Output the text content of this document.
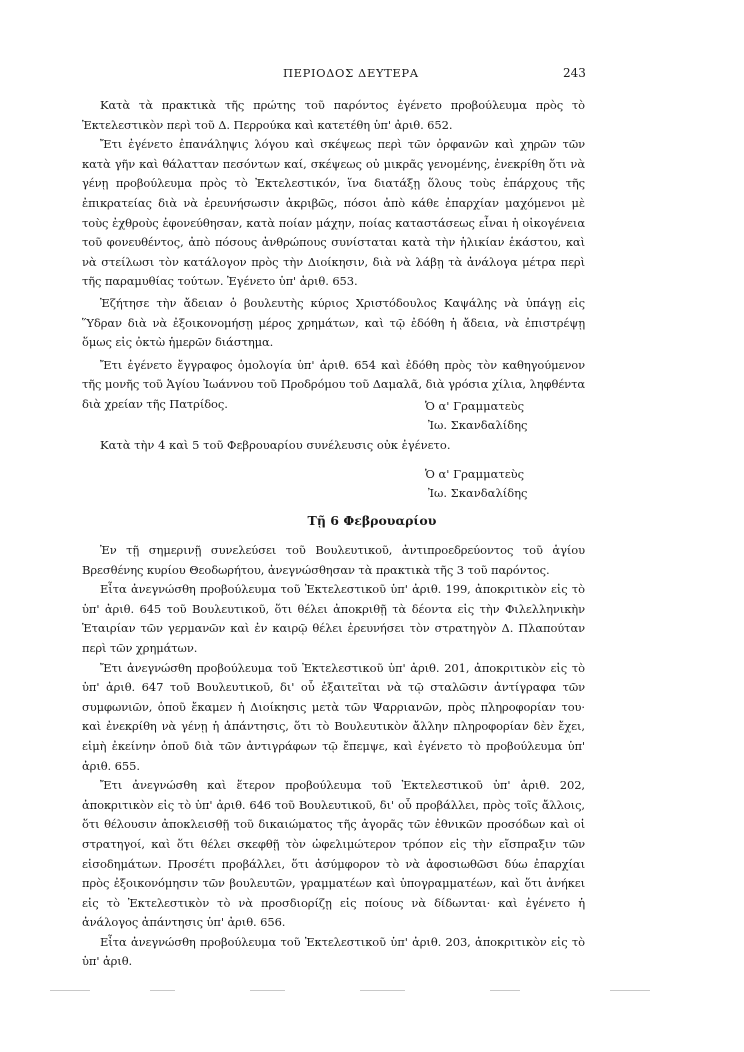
ΠΕΡΙΟΔΟΣ ΔΕΥΤΕΡΑ	243

Κατὰ τὰ πρακτικὰ τῆς πρώτης τοῦ παρόντος ἐγένετο προβούλευμα πρὸς τὸ Ἐκτελεστικὸν περὶ τοῦ Δ. Περρούκα καὶ κατετέθη ὑπ' ἀριθ. 652.

Ἔτι ἐγένετο ἐπανάληψις λόγου καὶ σκέψεως περὶ τῶν ὀρφανῶν καὶ χηρῶν τῶν κατὰ γῆν καὶ θάλατταν πεσόντων καί, σκέψεως οὐ μικρᾶς γενομένης, ἐνεκρίθη ὅτι νὰ γένῃ προβούλευμα πρὸς τὸ Ἐκτελεστικόν, ἵνα διατάξῃ ὅλους τοὺς ἐπάρχους τῆς ἐπικρατείας διὰ νὰ ἐρευνήσωσιν ἀκριβῶς, πόσοι ἀπὸ κάθε ἐπαρχίαν μαχόμενοι μὲ τοὺς ἐχθροὺς ἐφονεύθησαν, κατὰ ποίαν μάχην, ποίας καταστάσεως εἶναι ἡ οἰκογένεια τοῦ φονευθέντος, ἀπὸ πόσους ἀνθρώπους συνίσταται κατὰ τὴν ἡλικίαν ἑκάστου, καὶ νὰ στείλωσι τὸν κατάλογον πρὸς τὴν Διοίκησιν, διὰ νὰ λάβῃ τὰ ἀνάλογα μέτρα περὶ τῆς παραμυθίας τούτων. Ἐγένετο ὑπ' ἀριθ. 653.

Ἐζήτησε τὴν ἄδειαν ὁ βουλευτὴς κύριος Χριστόδουλος Καψάλης νὰ ὑπάγῃ εἰς Ὕδραν διὰ νὰ ἐξοικονομήσῃ μέρος χρημάτων, καὶ τῷ ἐδόθη ἡ ἄδεια, νὰ ἐπιστρέψῃ ὅμως εἰς ὀκτὼ ἡμερῶν διάστημα.

Ἔτι ἐγένετο ἔγγραφος ὁμολογία ὑπ' ἀριθ. 654 καὶ ἐδόθη πρὸς τὸν καθηγούμενον τῆς μονῆς τοῦ Ἁγίου Ἰωάννου τοῦ Προδρόμου τοῦ Δαμαλᾶ, διὰ γρόσια χίλια, ληφθέντα διὰ χρείαν τῆς Πατρίδος.	Ὁ α' Γραμματεὺς
Ἰω. Σκανδαλίδης
Κατὰ τὴν 4 καὶ 5 τοῦ Φεβρουαρίου συνέλευσις οὐκ ἐγένετο.
Ὁ α' Γραμματεὺς
Ἰω. Σκανδαλίδης
Τῇ 6 Φεβρουαρίου

Ἐν τῇ σημερινῇ συνελεύσει τοῦ Βουλευτικοῦ, ἀντιπροεδρεύοντος τοῦ ἁγίου Βρεσθένης κυρίου Θεοδωρήτου, ἀνεγνώσθησαν τὰ πρακτικὰ τῆς 3 τοῦ παρόντος.

Εἶτα ἀνεγνώσθη προβούλευμα τοῦ Ἐκτελεστικοῦ ὑπ' ἀριθ. 199, ἀποκριτικὸν εἰς τὸ ὑπ' ἀριθ. 645 τοῦ Βουλευτικοῦ, ὅτι θέλει ἀποκριθῇ τὰ δέοντα εἰς τὴν Φιλελληνικὴν Ἑταιρίαν τῶν γερμανῶν καὶ ἐν καιρῷ θέλει ἐρευνήσει τὸν στρατηγὸν Δ. Πλαπούταν περὶ τῶν χρημάτων.

Ἔτι ἀνεγνώσθη προβούλευμα τοῦ Ἐκτελεστικοῦ ὑπ' ἀριθ. 201, ἀποκριτικὸν εἰς τὸ ὑπ' ἀριθ. 647 τοῦ Βουλευτικοῦ, δι' οὗ ἐξαιτεῖται νὰ τῷ σταλῶσιν ἀντίγραφα τῶν συμφωνιῶν, ὁποῦ ἔκαμεν ἡ Διοίκησις μετὰ τῶν Ψαρριανῶν, πρὸς πληροφορίαν του· καὶ ἐνεκρίθη νὰ γένῃ ἡ ἀπάντησις, ὅτι τὸ Βουλευτικὸν ἄλλην πληροφορίαν δὲν ἔχει, εἰμὴ ἐκείνην ὁποῦ διὰ τῶν ἀντιγράφων τῷ ἔπεμψε, καὶ ἐγένετο τὸ προβούλευμα ὑπ' ἀριθ. 655.

Ἔτι ἀνεγνώσθη καὶ ἕτερον προβούλευμα τοῦ Ἐκτελεστικοῦ ὑπ' ἀριθ. 202, ἀποκριτικὸν εἰς τὸ ὑπ' ἀριθ. 646 τοῦ Βουλευτικοῦ, δι' οὗ προβάλλει, πρὸς τοῖς ἄλλοις, ὅτι θέλουσιν ἀποκλεισθῇ τοῦ δικαιώματος τῆς ἀγορᾶς τῶν ἐθνικῶν προσόδων καὶ οἱ στρατηγοί, καὶ ὅτι θέλει σκεφθῇ τὸν ὠφελιμώτερον τρόπον εἰς τὴν εἴσπραξιν τῶν εἰσοδημάτων. Προσέτι προβάλλει, ὅτι ἀσύμφορον τὸ νὰ ἀφοσιωθῶσι δύω ἐπαρχίαι πρὸς ἐξοικονόμησιν τῶν βουλευτῶν, γραμματέων καὶ ὑπογραμματέων, καὶ ὅτι ἀνήκει εἰς τὸ Ἐκτελεστικὸν τὸ νὰ προσδιορίζῃ εἰς ποίους νὰ δίδωνται· καὶ ἐγένετο ἡ ἀνάλογος ἀπάντησις ὑπ' ἀριθ. 656.

Εἶτα ἀνεγνώσθη προβούλευμα τοῦ Ἐκτελεστικοῦ ὑπ' ἀριθ. 203, ἀποκριτικὸν εἰς τὸ ὑπ' ἀριθ.
